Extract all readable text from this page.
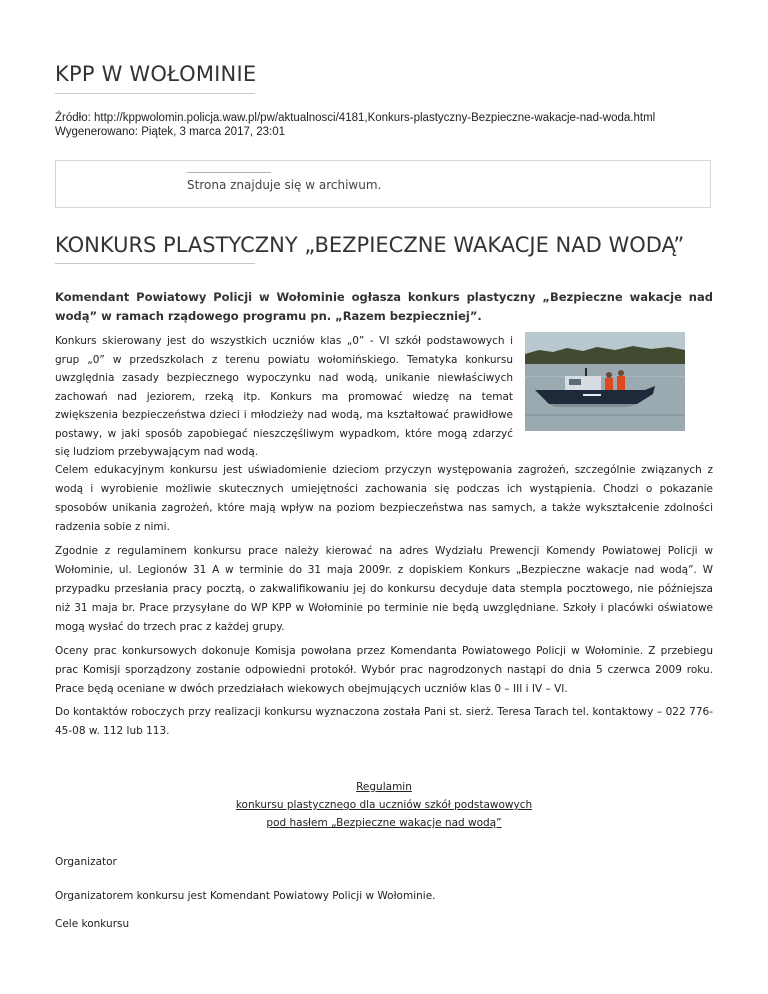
KPP W WOŁOMINIE
Źródło: http://kppwolomin.policja.waw.pl/pw/aktualnosci/4181,Konkurs-plastyczny-Bezpieczne-wakacje-nad-woda.html
Wygenerowano: Piątek, 3 marca 2017, 23:01
Strona znajduje się w archiwum.
KONKURS PLASTYCZNY „BEZPIECZNE WAKACJE NAD WODĄ”

Komendant Powiatowy Policji w Wołominie ogłasza konkurs plastyczny „Bezpieczne wakacje nad wodą” w ramach rządowego programu pn. „Razem bezpieczniej”.

Konkurs skierowany jest do wszystkich uczniów klas „0” - VI szkół podstawowych i grup „0” w przedszkolach z terenu powiatu wołomińskiego. Tematyka konkursu uwzględnia zasady bezpiecznego wypoczynku nad wodą, unikanie niewłaściwych zachowań nad jeziorem, rzeką itp. Konkurs ma promować wiedzę na temat zwiększenia bezpieczeństwa dzieci i młodzieży nad wodą, ma kształtować prawidłowe postawy, w jaki sposób zapobiegać nieszczęśliwym wypadkom, które mogą zdarzyć się ludziom przebywającym nad wodą.

Celem edukacyjnym konkursu jest uświadomienie dzieciom przyczyn występowania zagrożeń, szczególnie związanych z wodą i wyrobienie możliwie skutecznych umiejętności zachowania się podczas ich wystąpienia. Chodzi o pokazanie sposobów unikania zagrożeń, które mają wpływ na poziom bezpieczeństwa nas samych, a także wykształcenie zdolności radzenia sobie z nimi.

Zgodnie z regulaminem konkursu prace należy kierować na adres Wydziału Prewencji Komendy Powiatowej Policji w Wołominie, ul. Legionów 31 A w terminie do 31 maja 2009r. z dopiskiem Konkurs „Bezpieczne wakacje nad wodą”. W przypadku przesłania pracy pocztą, o zakwalifikowaniu jej do konkursu decyduje data stempla pocztowego, nie późniejsza niż 31 maja br. Prace przysyłane do WP KPP w Wołominie po terminie nie będą uwzględniane. Szkoły i placówki oświatowe mogą wysłać do trzech prac z każdej grupy.

Oceny prac konkursowych dokonuje Komisja powołana przez Komendanta Powiatowego Policji w Wołominie. Z przebiegu prac Komisji sporządzony zostanie odpowiedni protokół. Wybór prac nagrodzonych nastąpi do dnia 5 czerwca 2009 roku. Prace będą oceniane w dwóch przedziałach wiekowych obejmujących uczniów klas 0 – III i IV – VI.

Do kontaktów roboczych przy realizacji konkursu wyznaczona została Pani st. sierż. Teresa Tarach tel. kontaktowy – 022 776-45-08 w. 112 lub 113.

Regulamin
konkursu plastycznego dla uczniów szkół podstawowych
pod hasłem „Bezpieczne wakacje nad wodą”

Organizator

Organizatorem konkursu jest Komendant Powiatowy Policji w Wołominie.

Cele konkursu
